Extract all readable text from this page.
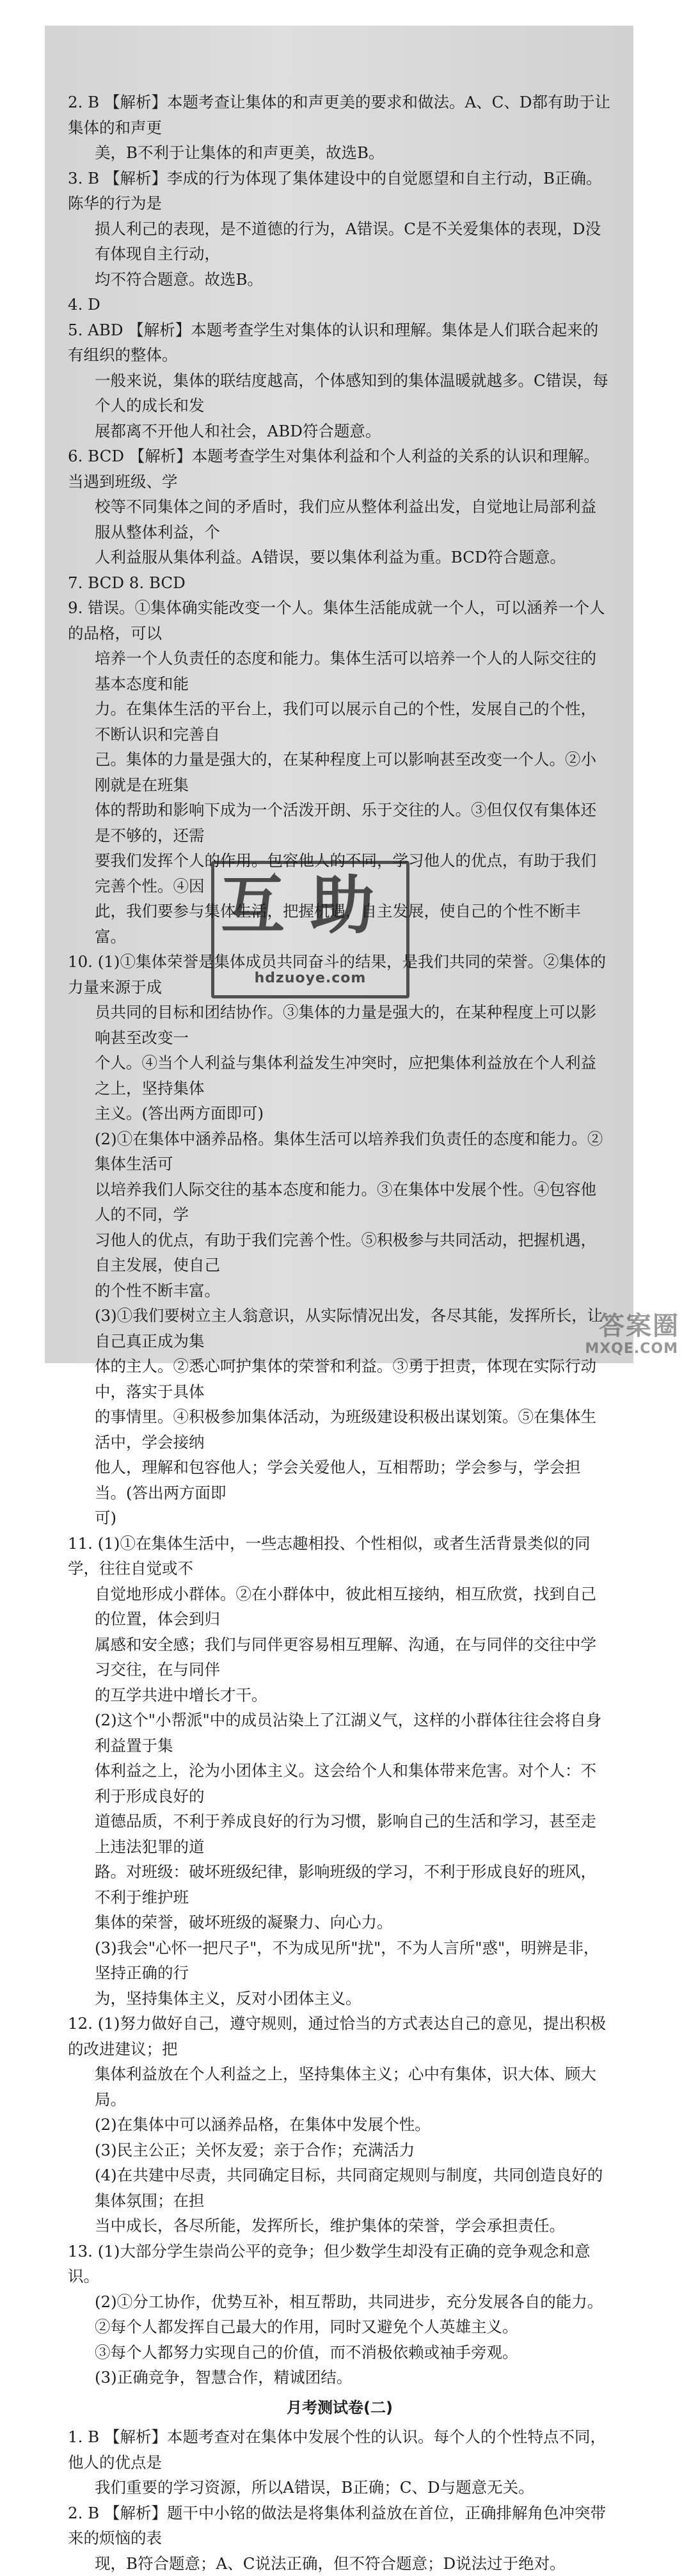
2. B 【解析】本题考查让集体的和声更美的要求和做法。A、C、D都有助于让集体的和声更

美，B不利于让集体的和声更美，故选B。

3. B 【解析】李成的行为体现了集体建设中的自觉愿望和自主行动，B正确。陈华的行为是

损人利己的表现，是不道德的行为，A错误。C是不关爱集体的表现，D没有体现自主行动，

均不符合题意。故选B。

4. D

5. ABD 【解析】本题考查学生对集体的认识和理解。集体是人们联合起来的有组织的整体。

一般来说，集体的联结度越高，个体感知到的集体温暖就越多。C错误，每个人的成长和发

展都离不开他人和社会，ABD符合题意。

6. BCD 【解析】本题考查学生对集体利益和个人利益的关系的认识和理解。当遇到班级、学

校等不同集体之间的矛盾时，我们应从整体利益出发，自觉地让局部利益服从整体利益，个

人利益服从集体利益。A错误，要以集体利益为重。BCD符合题意。

7. BCD 8. BCD

9. 错误。①集体确实能改变一个人。集体生活能成就一个人，可以涵养一个人的品格，可以

培养一个人负责任的态度和能力。集体生活可以培养一个人的人际交往的基本态度和能

力。在集体生活的平台上，我们可以展示自己的个性，发展自己的个性，不断认识和完善自

己。集体的力量是强大的，在某种程度上可以影响甚至改变一个人。②小刚就是在班集

体的帮助和影响下成为一个活泼开朗、乐于交往的人。③但仅仅有集体还是不够的，还需

要我们发挥个人的作用。包容他人的不同，学习他人的优点，有助于我们完善个性。④因

此，我们要参与集体生活，把握机遇，自主发展，使自己的个性不断丰富。

10. (1)①集体荣誉是集体成员共同奋斗的结果，是我们共同的荣誉。②集体的力量来源于成

员共同的目标和团结协作。③集体的力量是强大的，在某种程度上可以影响甚至改变一

个人。④当个人利益与集体利益发生冲突时，应把集体利益放在个人利益之上，坚持集体

主义。(答出两方面即可)

(2)①在集体中涵养品格。集体生活可以培养我们负责任的态度和能力。②集体生活可

以培养我们人际交往的基本态度和能力。③在集体中发展个性。④包容他人的不同，学

习他人的优点，有助于我们完善个性。⑤积极参与共同活动，把握机遇，自主发展，使自己

的个性不断丰富。

(3)①我们要树立主人翁意识，从实际情况出发，各尽其能，发挥所长，让自己真正成为集

体的主人。②悉心呵护集体的荣誉和利益。③勇于担责，体现在实际行动中，落实于具体

的事情里。④积极参加集体活动，为班级建设积极出谋划策。⑤在集体生活中，学会接纳

他人，理解和包容他人；学会关爱他人，互相帮助；学会参与，学会担当。(答出两方面即

可)

11. (1)①在集体生活中，一些志趣相投、个性相似，或者生活背景类似的同学，往往自觉或不

自觉地形成小群体。②在小群体中，彼此相互接纳，相互欣赏，找到自己的位置，体会到归

属感和安全感；我们与同伴更容易相互理解、沟通，在与同伴的交往中学习交往，在与同伴

的互学共进中增长才干。

(2)这个"小帮派"中的成员沾染上了江湖义气，这样的小群体往往会将自身利益置于集

体利益之上，沦为小团体主义。这会给个人和集体带来危害。对个人：不利于形成良好的

道德品质，不利于养成良好的行为习惯，影响自己的生活和学习，甚至走上违法犯罪的道

路。对班级：破坏班级纪律，影响班级的学习，不利于形成良好的班风，不利于维护班

集体的荣誉，破坏班级的凝聚力、向心力。

(3)我会"心怀一把尺子"，不为成见所"扰"，不为人言所"惑"，明辨是非，坚持正确的行

为，坚持集体主义，反对小团体主义。

12. (1)努力做好自己，遵守规则，通过恰当的方式表达自己的意见，提出积极的改进建议；把

集体利益放在个人利益之上，坚持集体主义；心中有集体，识大体、顾大局。

(2)在集体中可以涵养品格，在集体中发展个性。

(3)民主公正；关怀友爱；亲于合作；充满活力

(4)在共建中尽责，共同确定目标，共同商定规则与制度，共同创造良好的集体氛围；在担

当中成长，各尽所能，发挥所长，维护集体的荣誉，学会承担责任。

13. (1)大部分学生崇尚公平的竞争；但少数学生却没有正确的竞争观念和意识。

(2)①分工协作，优势互补，相互帮助，共同进步，充分发展各自的能力。

②每个人都发挥自己最大的作用，同时又避免个人英雄主义。

③每个人都努力实现自己的价值，而不消极依赖或袖手旁观。

(3)正确竞争，智慧合作，精诚团结。

月考测试卷(二)

1. B 【解析】本题考查对在集体中发展个性的认识。每个人的个性特点不同，他人的优点是

我们重要的学习资源，所以A错误，B正确；C、D与题意无关。

2. B 【解析】题干中小铭的做法是将集体利益放在首位，正确排解角色冲突带来的烦恼的表

现，B符合题意；A、C说法正确，但不符合题意；D说法过于绝对。

互 助
hdzuoye.com
答案圈
MXQE.COM
